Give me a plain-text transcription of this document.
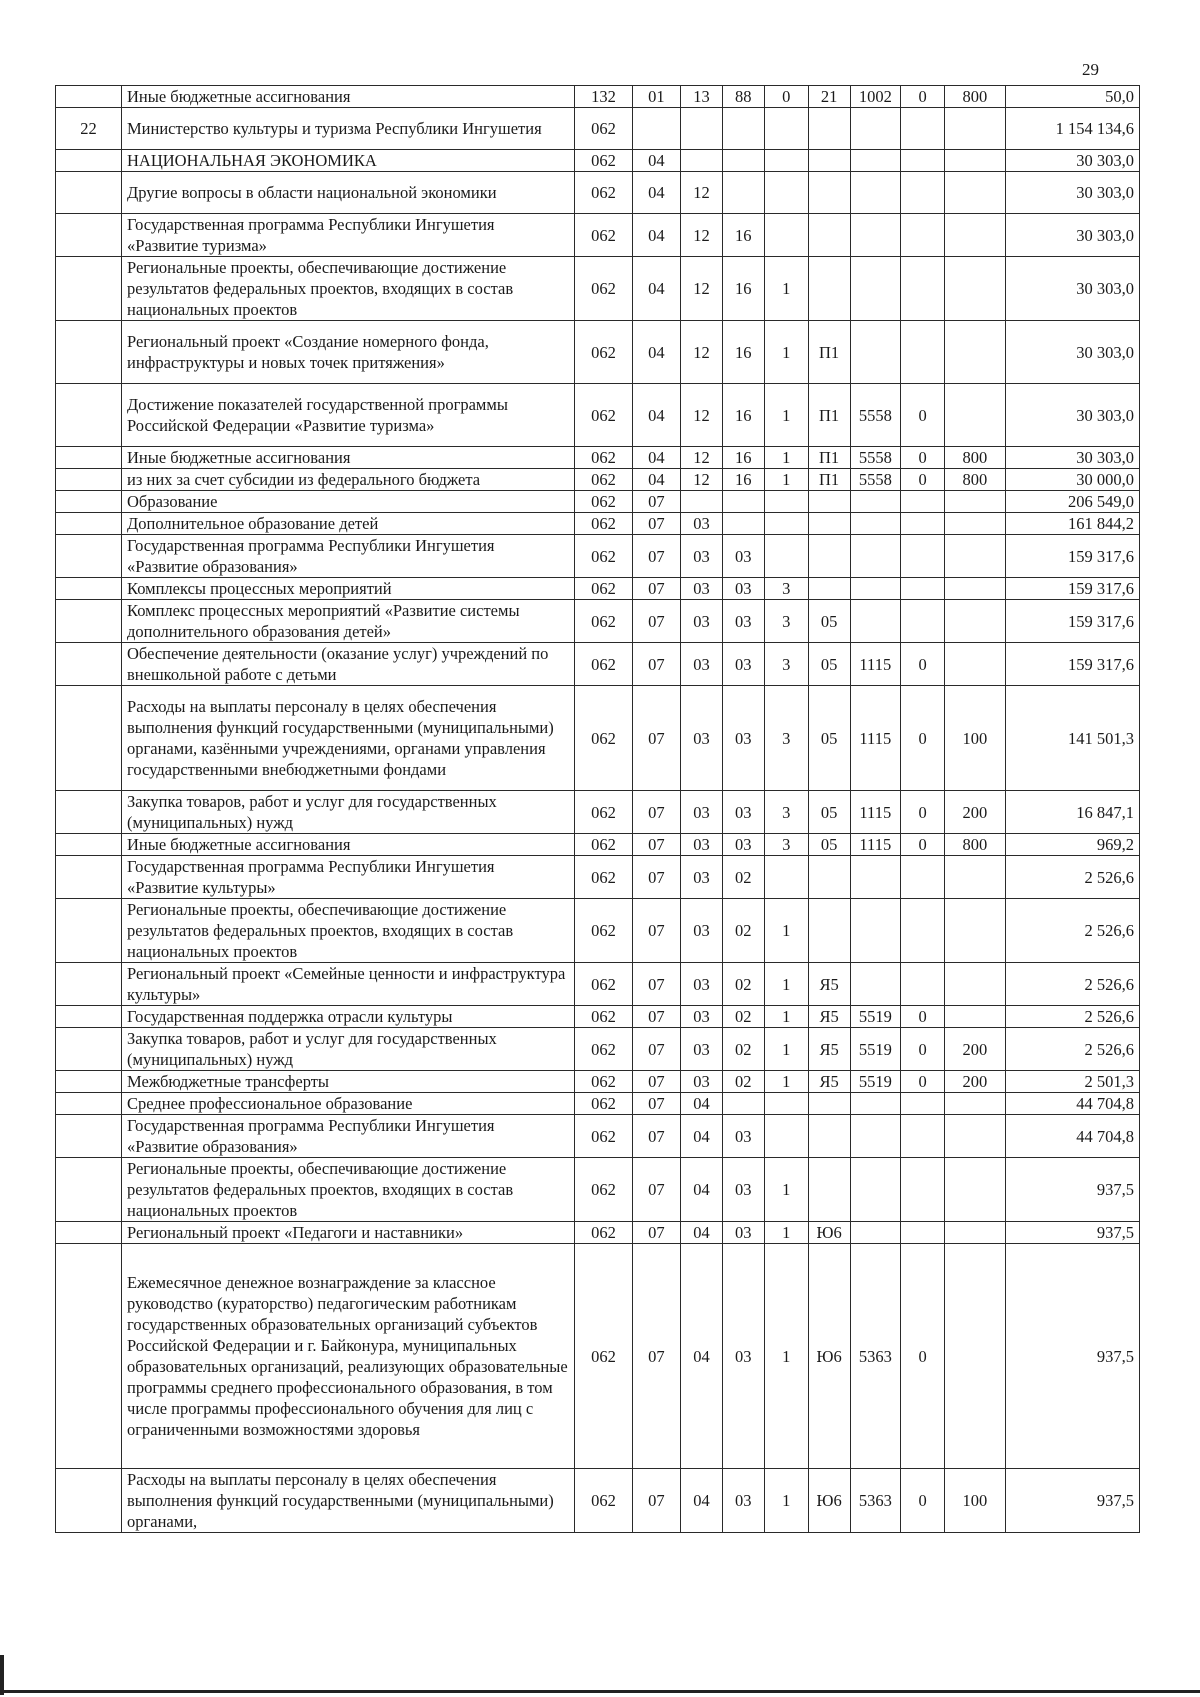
29
	Иные бюджетные ассигнования	132	01	13	88	0	21	1002	0	800	50,0
22	Министерство культуры и туризма Республики Ингушетия	062									1 154 134,6
	НАЦИОНАЛЬНАЯ ЭКОНОМИКА	062	04								30 303,0
	Другие вопросы в области национальной экономики	062	04	12							30 303,0
	Государственная программа Республики Ингушетия «Развитие туризма»	062	04	12	16						30 303,0
	Региональные проекты, обеспечивающие достижение результатов федеральных проектов, входящих в состав национальных проектов	062	04	12	16	1					30 303,0
	Региональный проект «Создание номерного фонда, инфраструктуры и новых точек притяжения»	062	04	12	16	1	П1				30 303,0
	Достижение показателей государственной программы Российской Федерации «Развитие туризма»	062	04	12	16	1	П1	5558	0		30 303,0
	Иные бюджетные ассигнования	062	04	12	16	1	П1	5558	0	800	30 303,0
	из них за счет субсидии из федерального бюджета	062	04	12	16	1	П1	5558	0	800	30 000,0
	Образование	062	07								206 549,0
	Дополнительное образование детей	062	07	03							161 844,2
	Государственная программа Республики Ингушетия «Развитие образования»	062	07	03	03						159 317,6
	Комплексы процессных мероприятий	062	07	03	03	3					159 317,6
	Комплекс процессных мероприятий «Развитие системы дополнительного образования детей»	062	07	03	03	3	05				159 317,6
	Обеспечение деятельности (оказание услуг) учреждений по внешкольной работе с детьми	062	07	03	03	3	05	1115	0		159 317,6
	Расходы на выплаты персоналу в целях обеспечения выполнения функций государственными (муниципальными) органами, казёнными учреждениями, органами управления государственными внебюджетными фондами	062	07	03	03	3	05	1115	0	100	141 501,3
	Закупка товаров, работ и услуг для государственных (муниципальных) нужд	062	07	03	03	3	05	1115	0	200	16 847,1
	Иные бюджетные ассигнования	062	07	03	03	3	05	1115	0	800	969,2
	Государственная программа Республики Ингушетия «Развитие культуры»	062	07	03	02						2 526,6
	Региональные проекты, обеспечивающие достижение результатов федеральных проектов, входящих в состав национальных проектов	062	07	03	02	1					2 526,6
	Региональный проект «Семейные ценности и инфраструктура культуры»	062	07	03	02	1	Я5				2 526,6
	Государственная поддержка отрасли культуры	062	07	03	02	1	Я5	5519	0		2 526,6
	Закупка товаров, работ и услуг для государственных (муниципальных) нужд	062	07	03	02	1	Я5	5519	0	200	2 526,6
	Межбюджетные трансферты	062	07	03	02	1	Я5	5519	0	200	2 501,3
	Среднее профессиональное образование	062	07	04							44 704,8
	Государственная программа Республики Ингушетия «Развитие образования»	062	07	04	03						44 704,8
	Региональные проекты, обеспечивающие достижение результатов федеральных проектов, входящих в состав национальных проектов	062	07	04	03	1					937,5
	Региональный проект «Педагоги и наставники»	062	07	04	03	1	Ю6				937,5
	Ежемесячное денежное вознаграждение за классное руководство (кураторство) педагогическим работникам государственных образовательных организаций субъектов Российской Федерации и г. Байконура, муниципальных образовательных организаций, реализующих образовательные программы среднего профессионального образования, в том числе программы профессионального обучения для лиц с ограниченными возможностями здоровья	062	07	04	03	1	Ю6	5363	0		937,5
	Расходы на выплаты персоналу в целях обеспечения выполнения функций государственными (муниципальными) органами,	062	07	04	03	1	Ю6	5363	0	100	937,5
